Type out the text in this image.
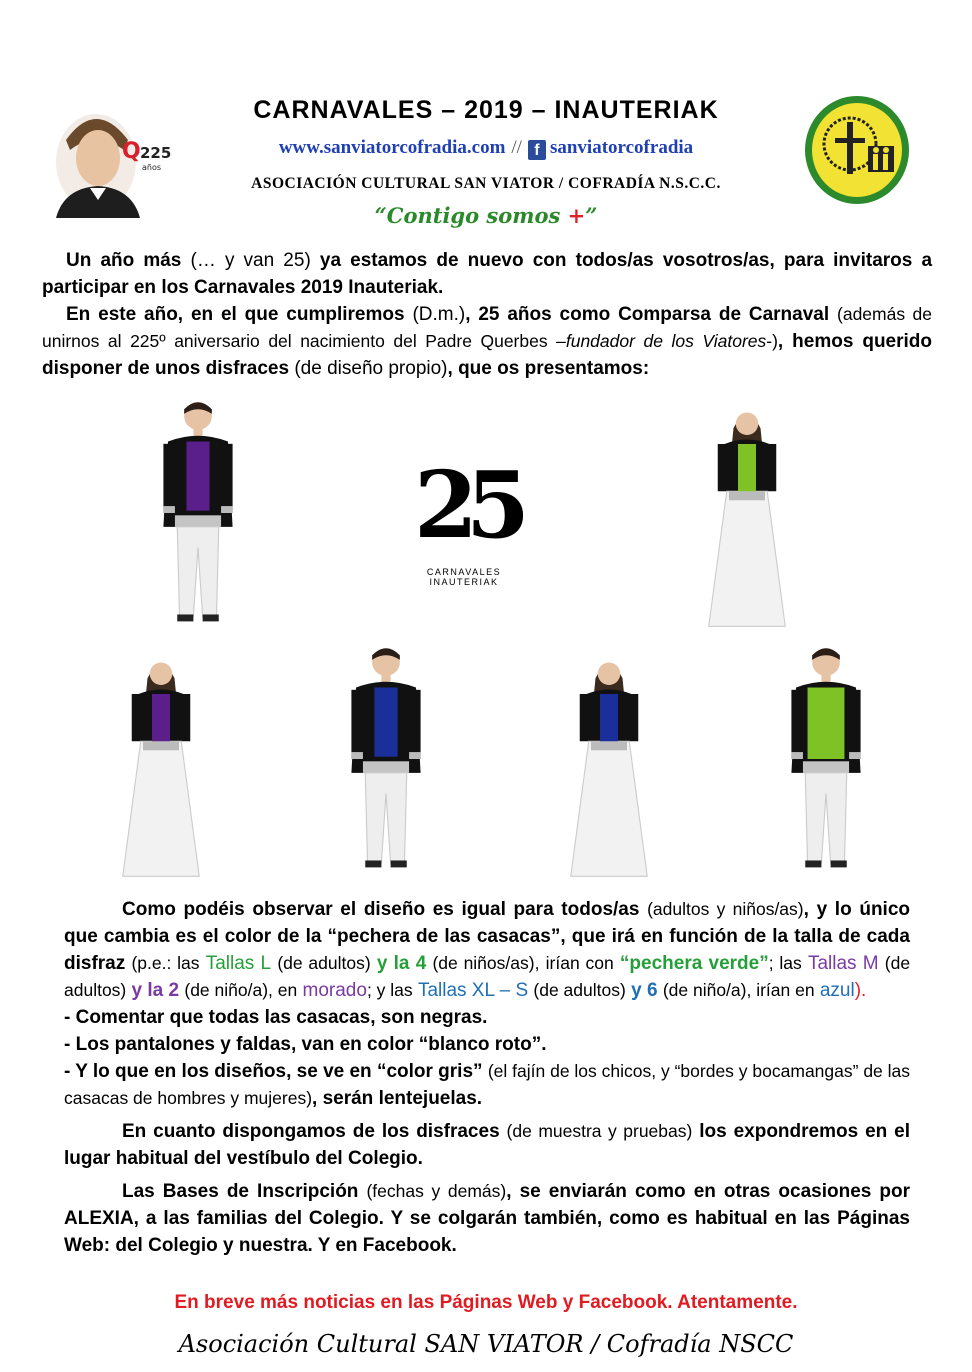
Q 225
años
CARNAVALES – 2019 – INAUTERIAK
www.sanviatorcofradia.com // f sanviatorcofradia
ASOCIACIÓN CULTURAL SAN VIATOR / COFRADÍA N.S.C.C.
“Contigo somos +”
Un año más (… y van 25) ya estamos de nuevo con todos/as vosotros/as, para invitaros a participar en los Carnavales 2019 Inauteriak.
En este año, en el que cumpliremos (D.m.), 25 años como Comparsa de Carnaval (además de unirnos al 225º aniversario del nacimiento del Padre Querbes –fundador de los Viatores-), hemos querido disponer de unos disfraces (de diseño propio), que os presentamos:
25
CARNAVALES
INAUTERIAK
Como podéis observar el diseño es igual para todos/as (adultos y niños/as), y lo único que cambia es el color de la “pechera de las casacas”, que irá en función de la talla de cada disfraz (p.e.: las Tallas L (de adultos) y la 4 (de niños/as), irían con “pechera verde”; las Tallas M (de adultos) y la 2 (de niño/a), en morado; y las Tallas XL – S (de adultos) y 6 (de niño/a), irían en azul).
- Comentar que todas las casacas, son negras.
- Los pantalones y faldas, van en color “blanco roto”.
- Y lo que en los diseños, se ve en “color gris” (el fajín de los chicos, y “bordes y bocamangas” de las casacas de hombres y mujeres), serán lentejuelas.
En cuanto dispongamos de los disfraces (de muestra y pruebas) los expondremos en el lugar habitual del vestíbulo del Colegio.
Las Bases de Inscripción (fechas y demás), se enviarán como en otras ocasiones por ALEXIA, a las familias del Colegio. Y se colgarán también, como es habitual en las Páginas Web: del Colegio y nuestra. Y en Facebook.
En breve más noticias en las Páginas Web y Facebook. Atentamente.
Asociación Cultural SAN VIATOR / Cofradía NSCC
